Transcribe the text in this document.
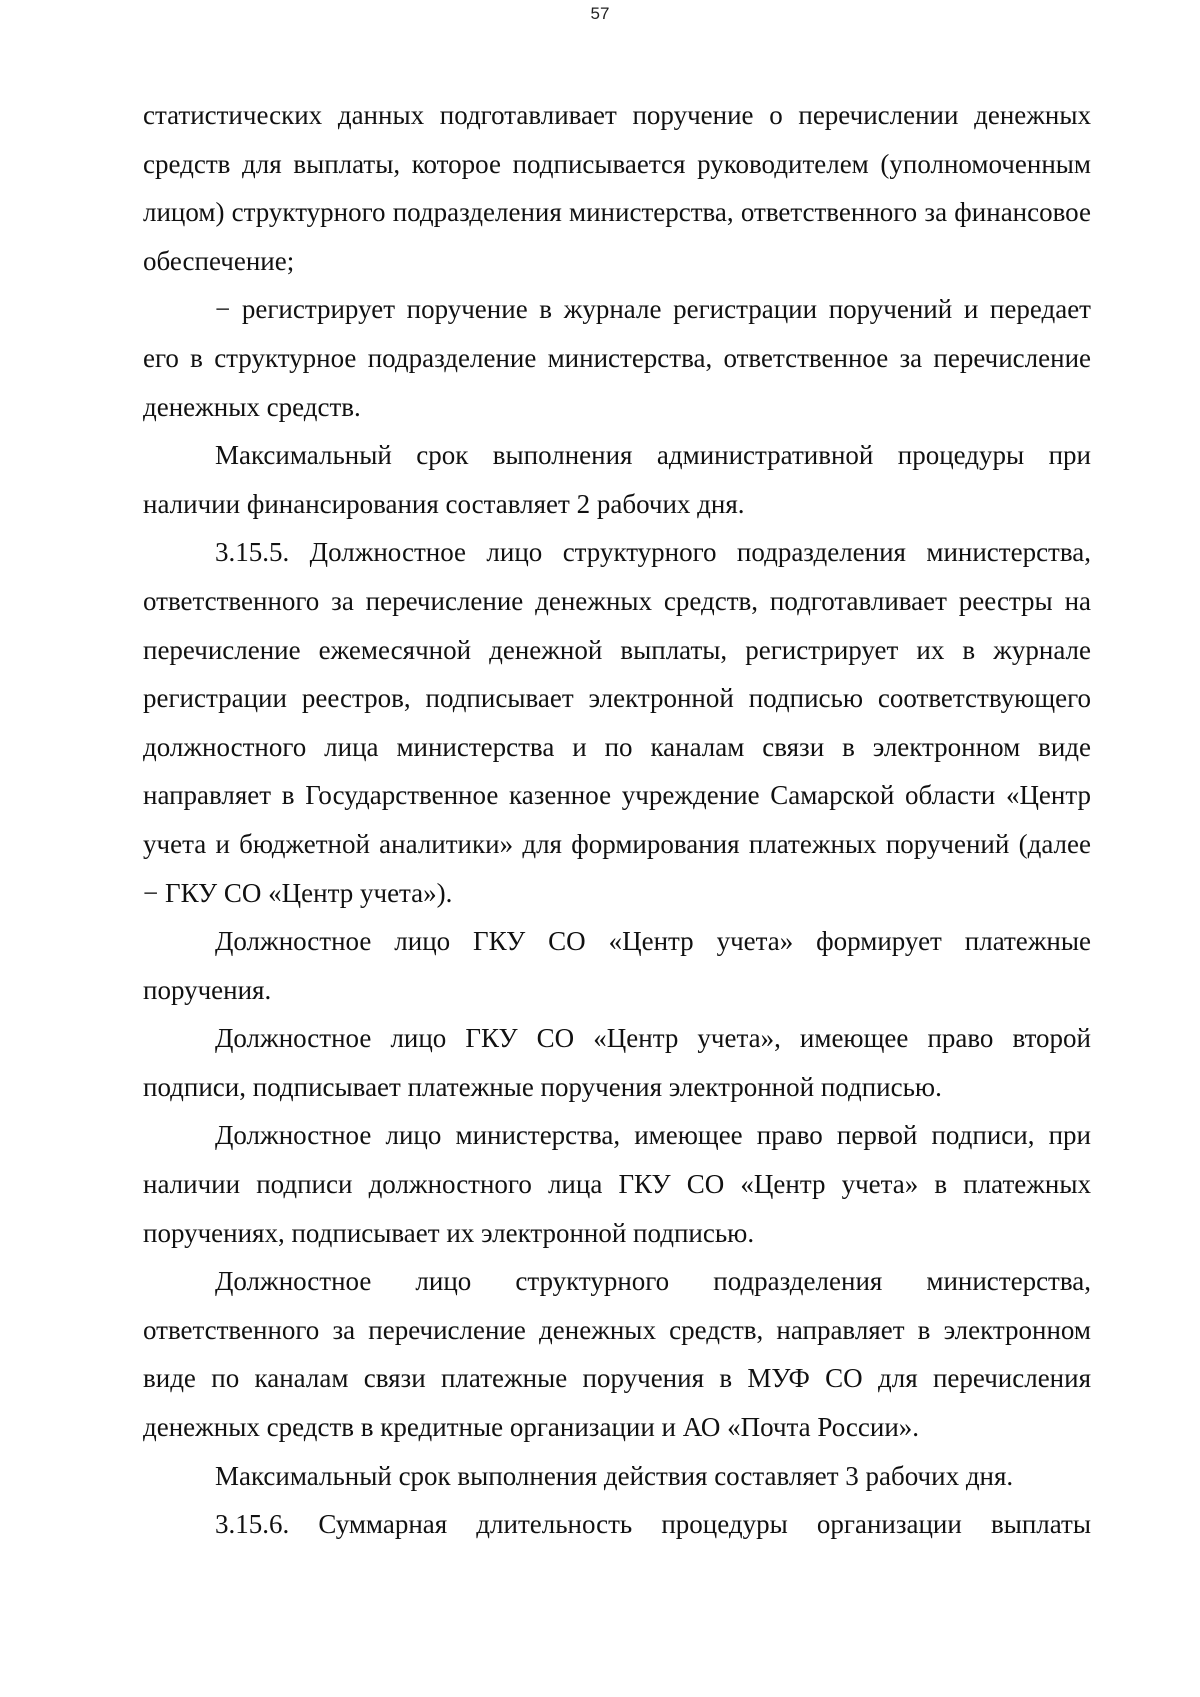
57

статистических данных подготавливает поручение о перечислении денежных средств для выплаты, которое подписывается руководителем (уполномоченным лицом) структурного подразделения министерства, ответственного за финансовое обеспечение;

− регистрирует поручение в журнале регистрации поручений и передает его в структурное подразделение министерства, ответственное за перечисление денежных средств.

Максимальный срок выполнения административной процедуры при наличии финансирования составляет 2 рабочих дня.

3.15.5. Должностное лицо структурного подразделения министерства, ответственного за перечисление денежных средств, подготавливает реестры на перечисление ежемесячной денежной выплаты, регистрирует их в журнале регистрации реестров, подписывает электронной подписью соответствующего должностного лица министерства и по каналам связи в электронном виде направляет в Государственное казенное учреждение Самарской области «Центр учета и бюджетной аналитики» для формирования платежных поручений (далее − ГКУ СО «Центр учета»).

Должностное лицо ГКУ СО «Центр учета» формирует платежные поручения.

Должностное лицо ГКУ СО «Центр учета», имеющее право второй подписи, подписывает платежные поручения электронной подписью.

Должностное лицо министерства, имеющее право первой подписи, при наличии подписи должностного лица ГКУ СО «Центр учета» в платежных поручениях, подписывает их электронной подписью.

Должностное лицо структурного подразделения министерства, ответственного за перечисление денежных средств, направляет в электронном виде по каналам связи платежные поручения в МУФ СО для перечисления денежных средств в кредитные организации и АО «Почта России».

Максимальный срок выполнения действия составляет 3 рабочих дня.

3.15.6. Суммарная длительность процедуры организации выплаты
